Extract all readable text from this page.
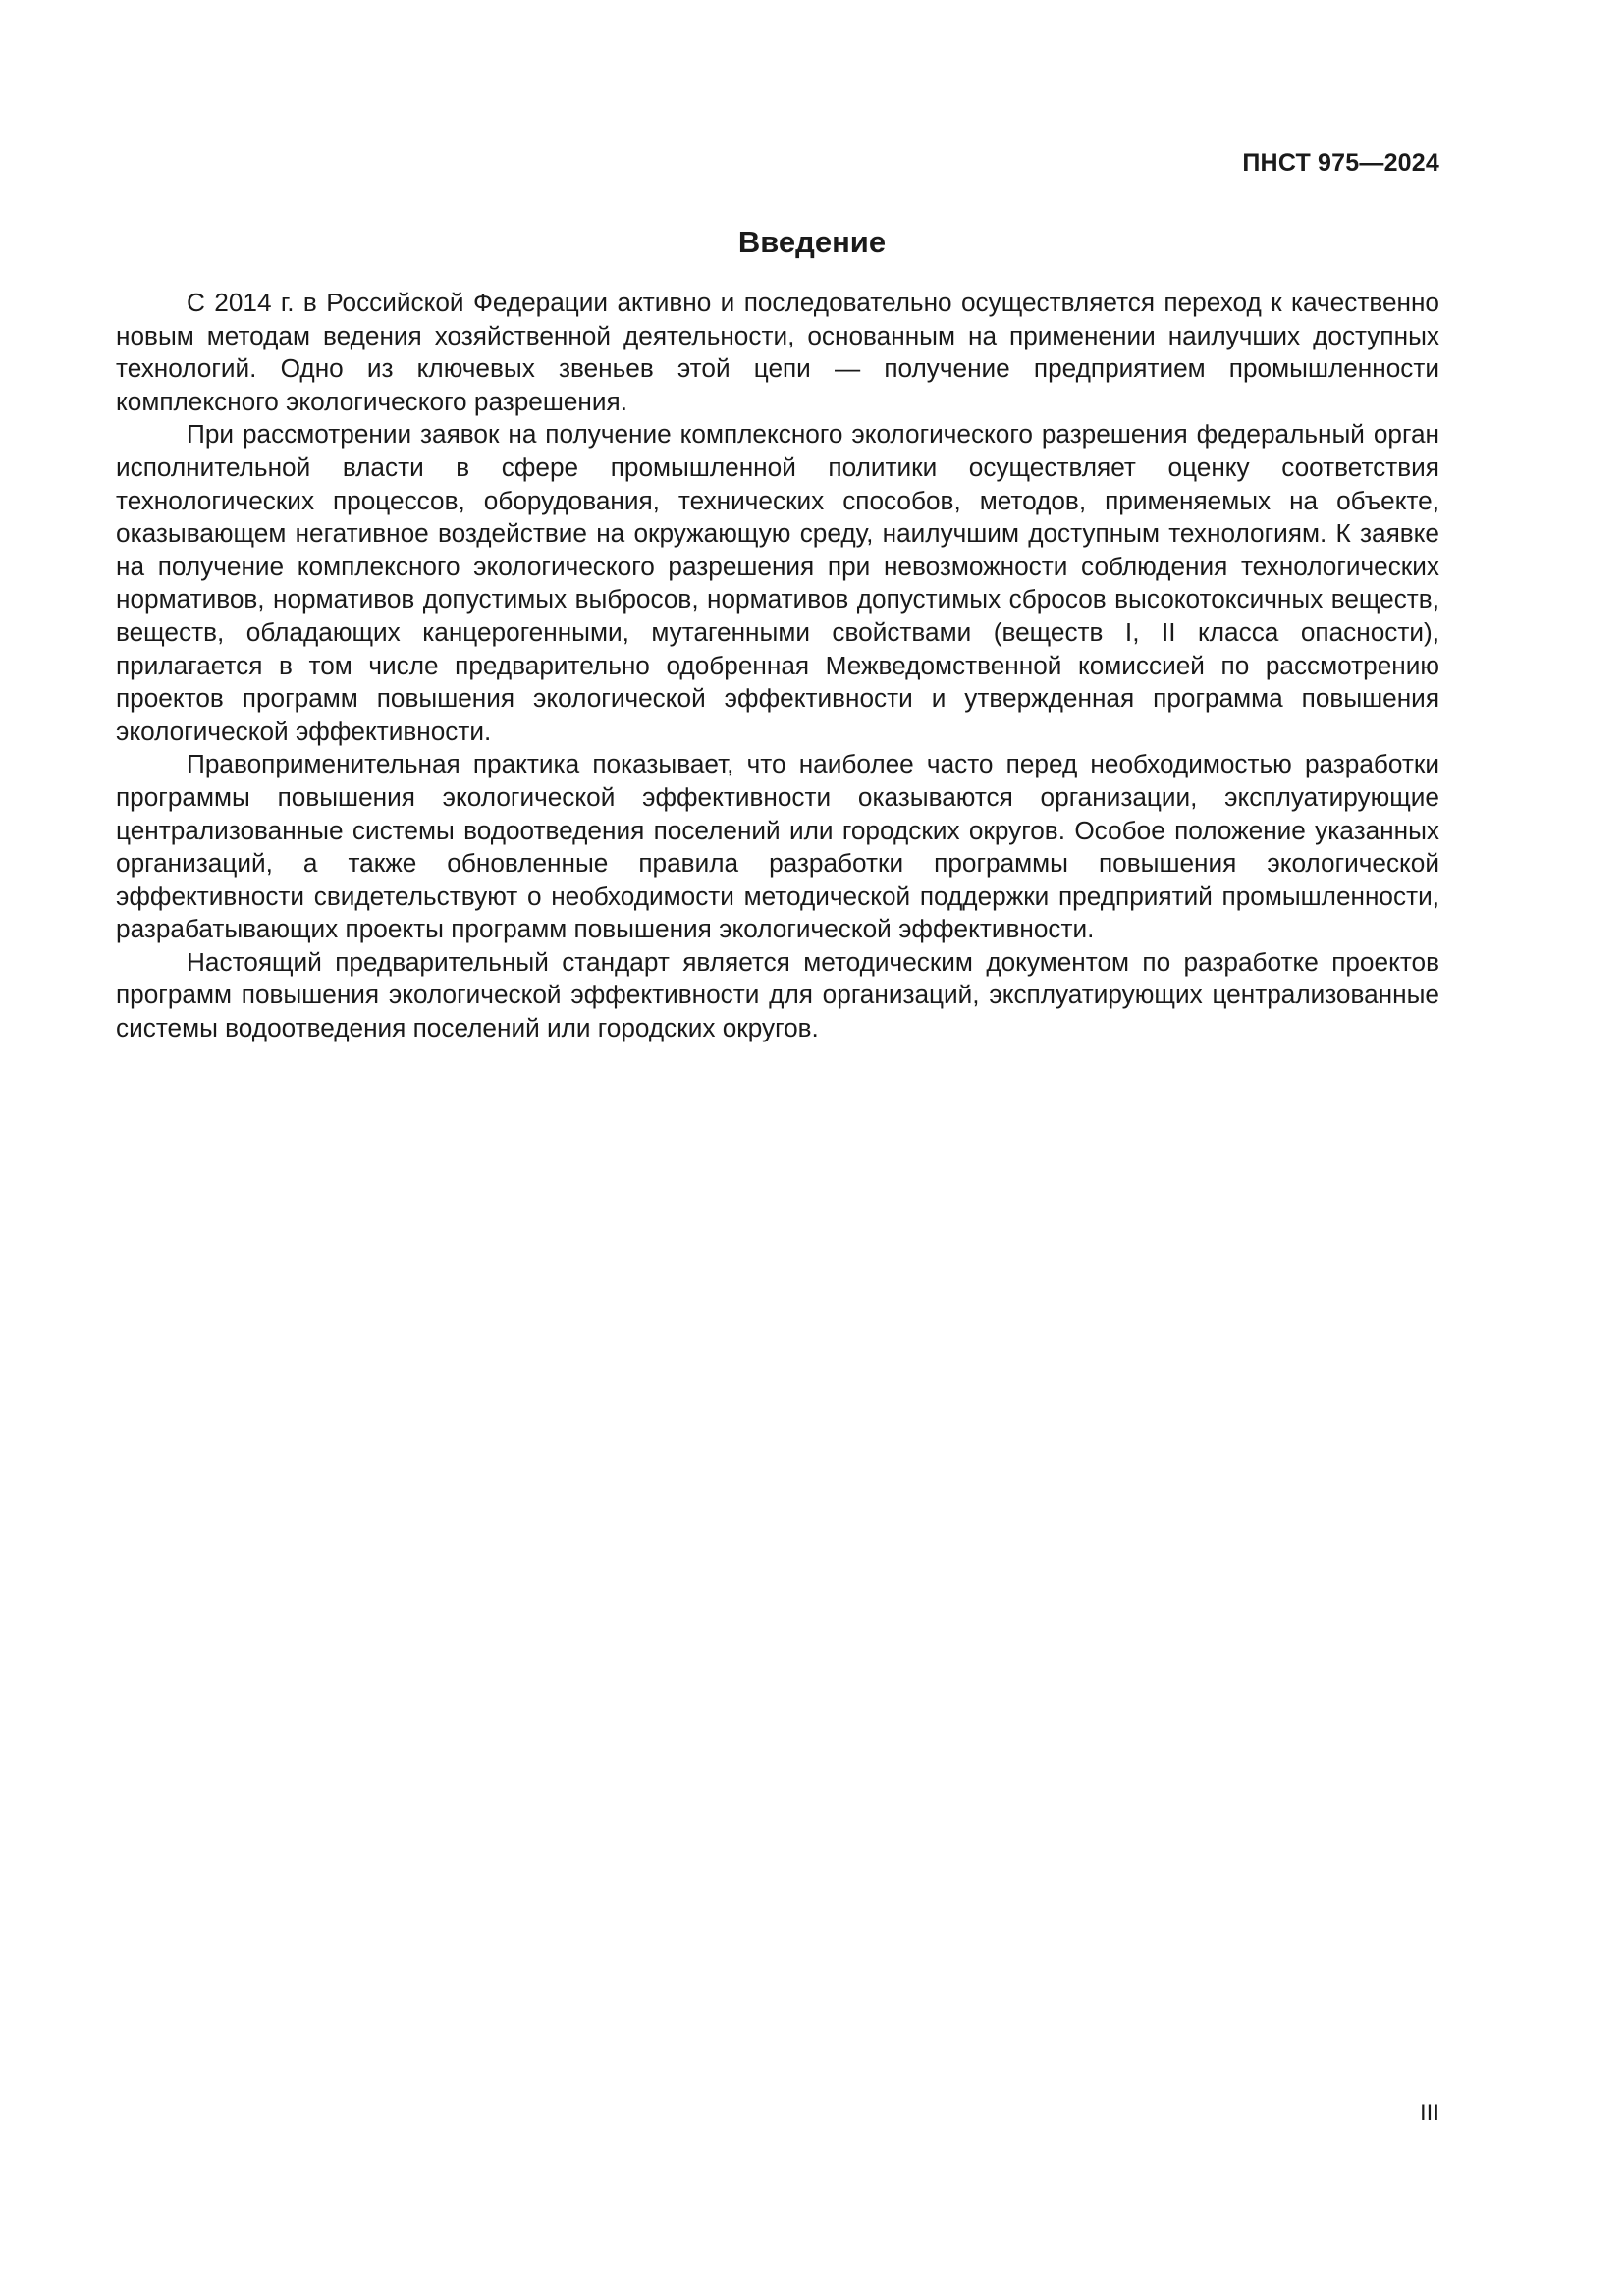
ПНСТ 975—2024
Введение

С 2014 г. в Российской Федерации активно и последовательно осуществляется переход к качественно новым методам ведения хозяйственной деятельности, основанным на применении наилучших доступных технологий. Одно из ключевых звеньев этой цепи — получение предприятием промышленности комплексного экологического разрешения.

При рассмотрении заявок на получение комплексного экологического разрешения федеральный орган исполнительной власти в сфере промышленной политики осуществляет оценку соответствия технологических процессов, оборудования, технических способов, методов, применяемых на объекте, оказывающем негативное воздействие на окружающую среду, наилучшим доступным технологиям. К заявке на получение комплексного экологического разрешения при невозможности соблюдения технологических нормативов, нормативов допустимых выбросов, нормативов допустимых сбросов высокотоксичных веществ, веществ, обладающих канцерогенными, мутагенными свойствами (веществ I, II класса опасности), прилагается в том числе предварительно одобренная Межведомственной комиссией по рассмотрению проектов программ повышения экологической эффективности и утвержденная программа повышения экологической эффективности.

Правоприменительная практика показывает, что наиболее часто перед необходимостью разработки программы повышения экологической эффективности оказываются организации, эксплуатирующие централизованные системы водоотведения поселений или городских округов. Особое положение указанных организаций, а также обновленные правила разработки программы повышения экологической эффективности свидетельствуют о необходимости методической поддержки предприятий промышленности, разрабатывающих проекты программ повышения экологической эффективности.

Настоящий предварительный стандарт является методическим документом по разработке проектов программ повышения экологической эффективности для организаций, эксплуатирующих централизованные системы водоотведения поселений или городских округов.

III
